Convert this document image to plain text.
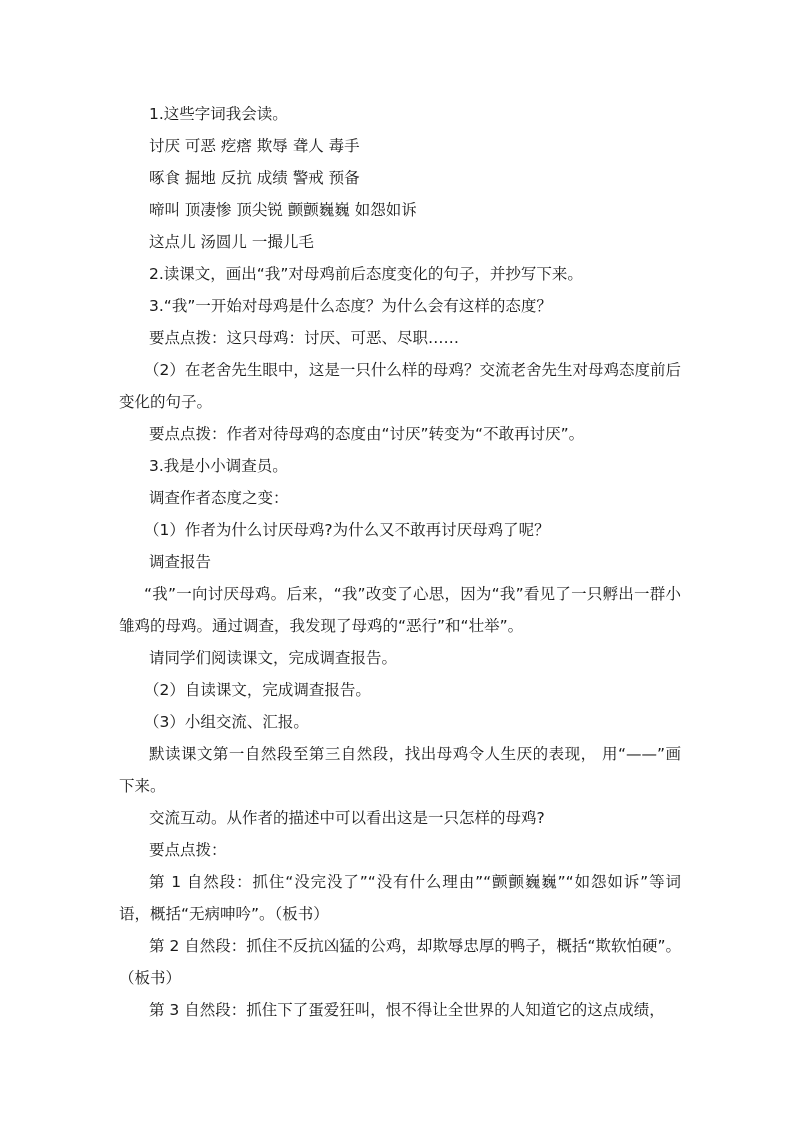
1.这些字词我会读。

讨厌 可恶 疙瘩 欺辱 聋人 毒手

啄食 掘地 反抗 成绩 警戒 预备

啼叫 顶凄惨 顶尖锐 颤颤巍巍 如怨如诉

这点儿 汤圆儿 一撮儿毛

2.读课文，画出“我”对母鸡前后态度变化的句子，并抄写下来。

3.“我”一开始对母鸡是什么态度？为什么会有这样的态度？

要点点拨：这只母鸡：讨厌、可恶、尽职……

（2）在老舍先生眼中，这是一只什么样的母鸡？交流老舍先生对母鸡态度前后变化的句子。

要点点拨：作者对待母鸡的态度由“讨厌”转变为“不敢再讨厌”。

3.我是小小调查员。

调查作者态度之变：

（1）作者为什么讨厌母鸡?为什么又不敢再讨厌母鸡了呢？

调查报告

“我”一向讨厌母鸡。后来，“我”改变了心思，因为“我”看见了一只孵出一群小雏鸡的母鸡。通过调查，我发现了母鸡的“恶行”和“壮举”。

请同学们阅读课文，完成调查报告。

（2）自读课文，完成调查报告。

（3）小组交流、汇报。

默读课文第一自然段至第三自然段，找出母鸡令人生厌的表现， 用“——”画下来。

交流互动。从作者的描述中可以看出这是一只怎样的母鸡?

要点点拨：

第 1 自然段：抓住“没完没了”“没有什么理由”“颤颤巍巍”“如怨如诉”等词语，概括“无病呻吟”。（板书）

第 2 自然段：抓住不反抗凶猛的公鸡，却欺辱忠厚的鸭子，概括“欺软怕硬”。（板书）

第 3 自然段：抓住下了蛋爱狂叫，恨不得让全世界的人知道它的这点成绩，
